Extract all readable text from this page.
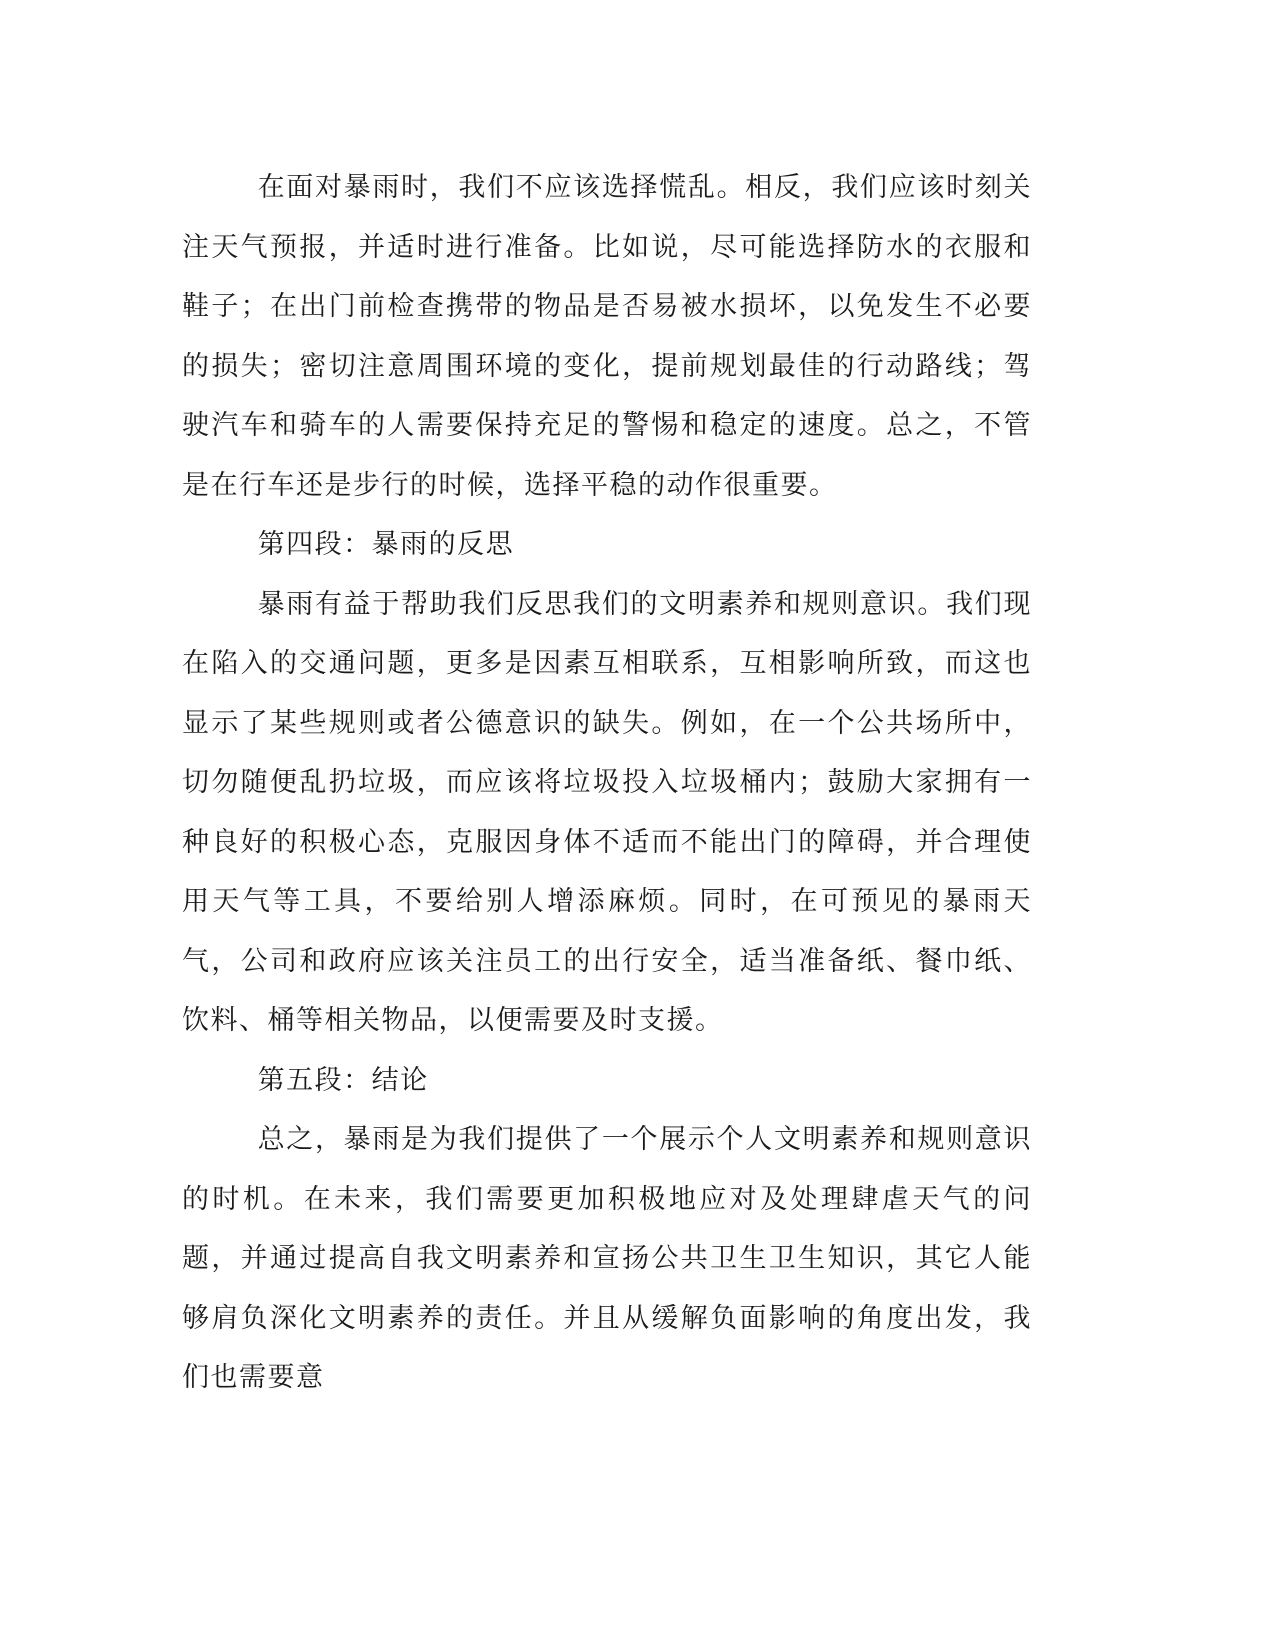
在面对暴雨时，我们不应该选择慌乱。相反，我们应该时刻关注天气预报，并适时进行准备。比如说，尽可能选择防水的衣服和鞋子；在出门前检查携带的物品是否易被水损坏，以免发生不必要的损失；密切注意周围环境的变化，提前规划最佳的行动路线；驾驶汽车和骑车的人需要保持充足的警惕和稳定的速度。总之，不管是在行车还是步行的时候，选择平稳的动作很重要。

第四段：暴雨的反思

暴雨有益于帮助我们反思我们的文明素养和规则意识。我们现在陷入的交通问题，更多是因素互相联系，互相影响所致，而这也显示了某些规则或者公德意识的缺失。例如，在一个公共场所中，切勿随便乱扔垃圾，而应该将垃圾投入垃圾桶内；鼓励大家拥有一种良好的积极心态，克服因身体不适而不能出门的障碍，并合理使用天气等工具，不要给别人增添麻烦。同时，在可预见的暴雨天气，公司和政府应该关注员工的出行安全，适当准备纸、餐巾纸、饮料、桶等相关物品，以便需要及时支援。

第五段：结论

总之，暴雨是为我们提供了一个展示个人文明素养和规则意识的时机。在未来，我们需要更加积极地应对及处理肆虐天气的问题，并通过提高自我文明素养和宣扬公共卫生卫生知识，其它人能够肩负深化文明素养的责任。并且从缓解负面影响的角度出发，我们也需要意
